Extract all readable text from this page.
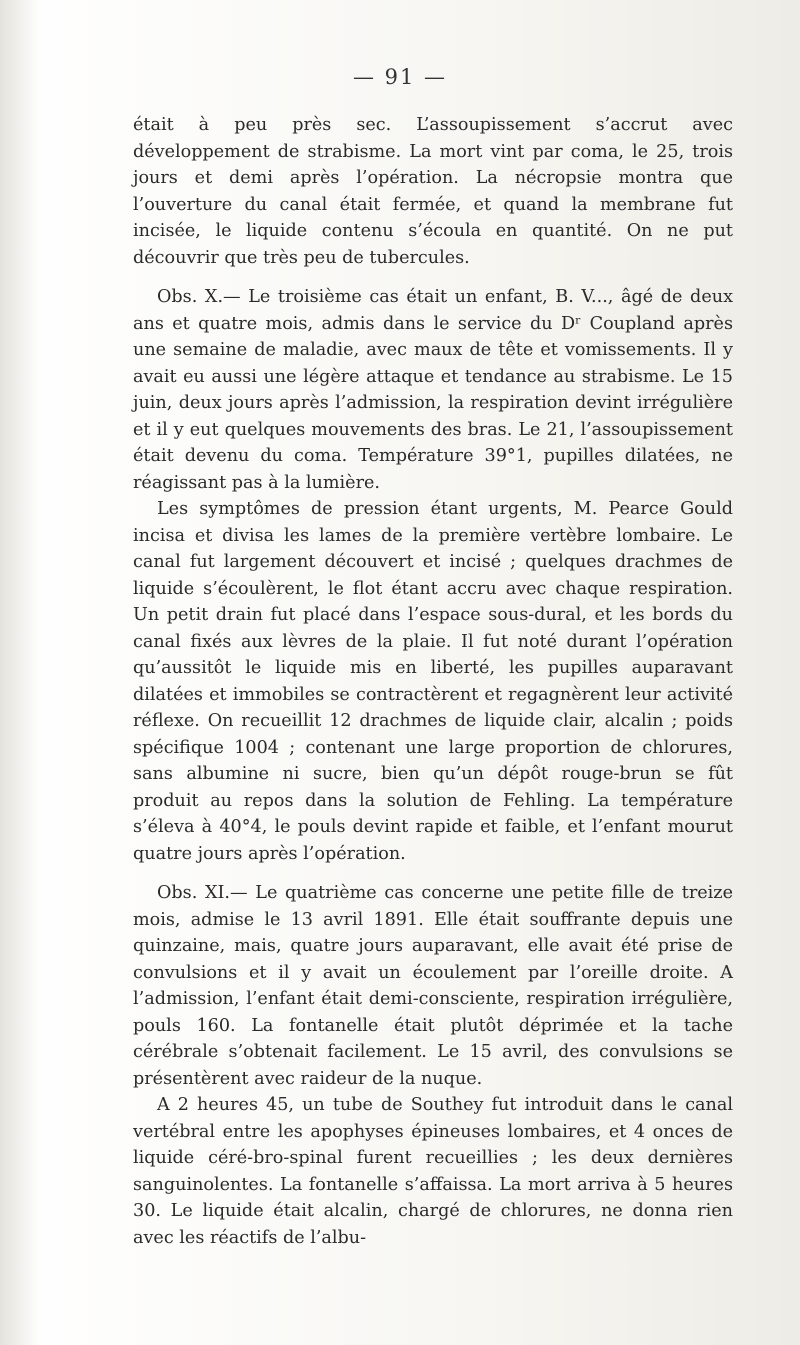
— 91 —

était à peu près sec. L’assoupissement s’accrut avec développement de strabisme. La mort vint par coma, le 25, trois jours et demi après l’opération. La nécropsie montra que l’ouverture du canal était fermée, et quand la membrane fut incisée, le liquide contenu s’écoula en quantité. On ne put découvrir que très peu de tubercules.

Obs. X.— Le troisième cas était un enfant, B. V..., âgé de deux ans et quatre mois, admis dans le service du Dʳ Coupland après une semaine de maladie, avec maux de tête et vomissements. Il y avait eu aussi une légère attaque et tendance au strabisme. Le 15 juin, deux jours après l’admission, la respiration devint irrégulière et il y eut quelques mouvements des bras. Le 21, l’assoupissement était devenu du coma. Température 39°1, pupilles dilatées, ne réagissant pas à la lumière.

Les symptômes de pression étant urgents, M. Pearce Gould incisa et divisa les lames de la première vertèbre lombaire. Le canal fut largement découvert et incisé ; quelques drachmes de liquide s’écoulèrent, le flot étant accru avec chaque respiration. Un petit drain fut placé dans l’espace sous-dural, et les bords du canal fixés aux lèvres de la plaie. Il fut noté durant l’opération qu’aussitôt le liquide mis en liberté, les pupilles auparavant dilatées et immobiles se contractèrent et regagnèrent leur activité réflexe. On recueillit 12 drachmes de liquide clair, alcalin ; poids spécifique 1004 ; contenant une large proportion de chlorures, sans albumine ni sucre, bien qu’un dépôt rouge-brun se fût produit au repos dans la solution de Fehling. La température s’éleva à 40°4, le pouls devint rapide et faible, et l’enfant mourut quatre jours après l’opération.

Obs. XI.— Le quatrième cas concerne une petite fille de treize mois, admise le 13 avril 1891. Elle était souffrante depuis une quinzaine, mais, quatre jours auparavant, elle avait été prise de convulsions et il y avait un écoulement par l’oreille droite. A l’admission, l’enfant était demi-consciente, respiration irrégulière, pouls 160. La fontanelle était plutôt déprimée et la tache cérébrale s’obtenait facilement. Le 15 avril, des convulsions se présentèrent avec raideur de la nuque.

A 2 heures 45, un tube de Southey fut introduit dans le canal vertébral entre les apophyses épineuses lombaires, et 4 onces de liquide céré-bro-spinal furent recueillies ; les deux dernières sanguinolentes. La fontanelle s’affaissa. La mort arriva à 5 heures 30. Le liquide était alcalin, chargé de chlorures, ne donna rien avec les réactifs de l’albu-
